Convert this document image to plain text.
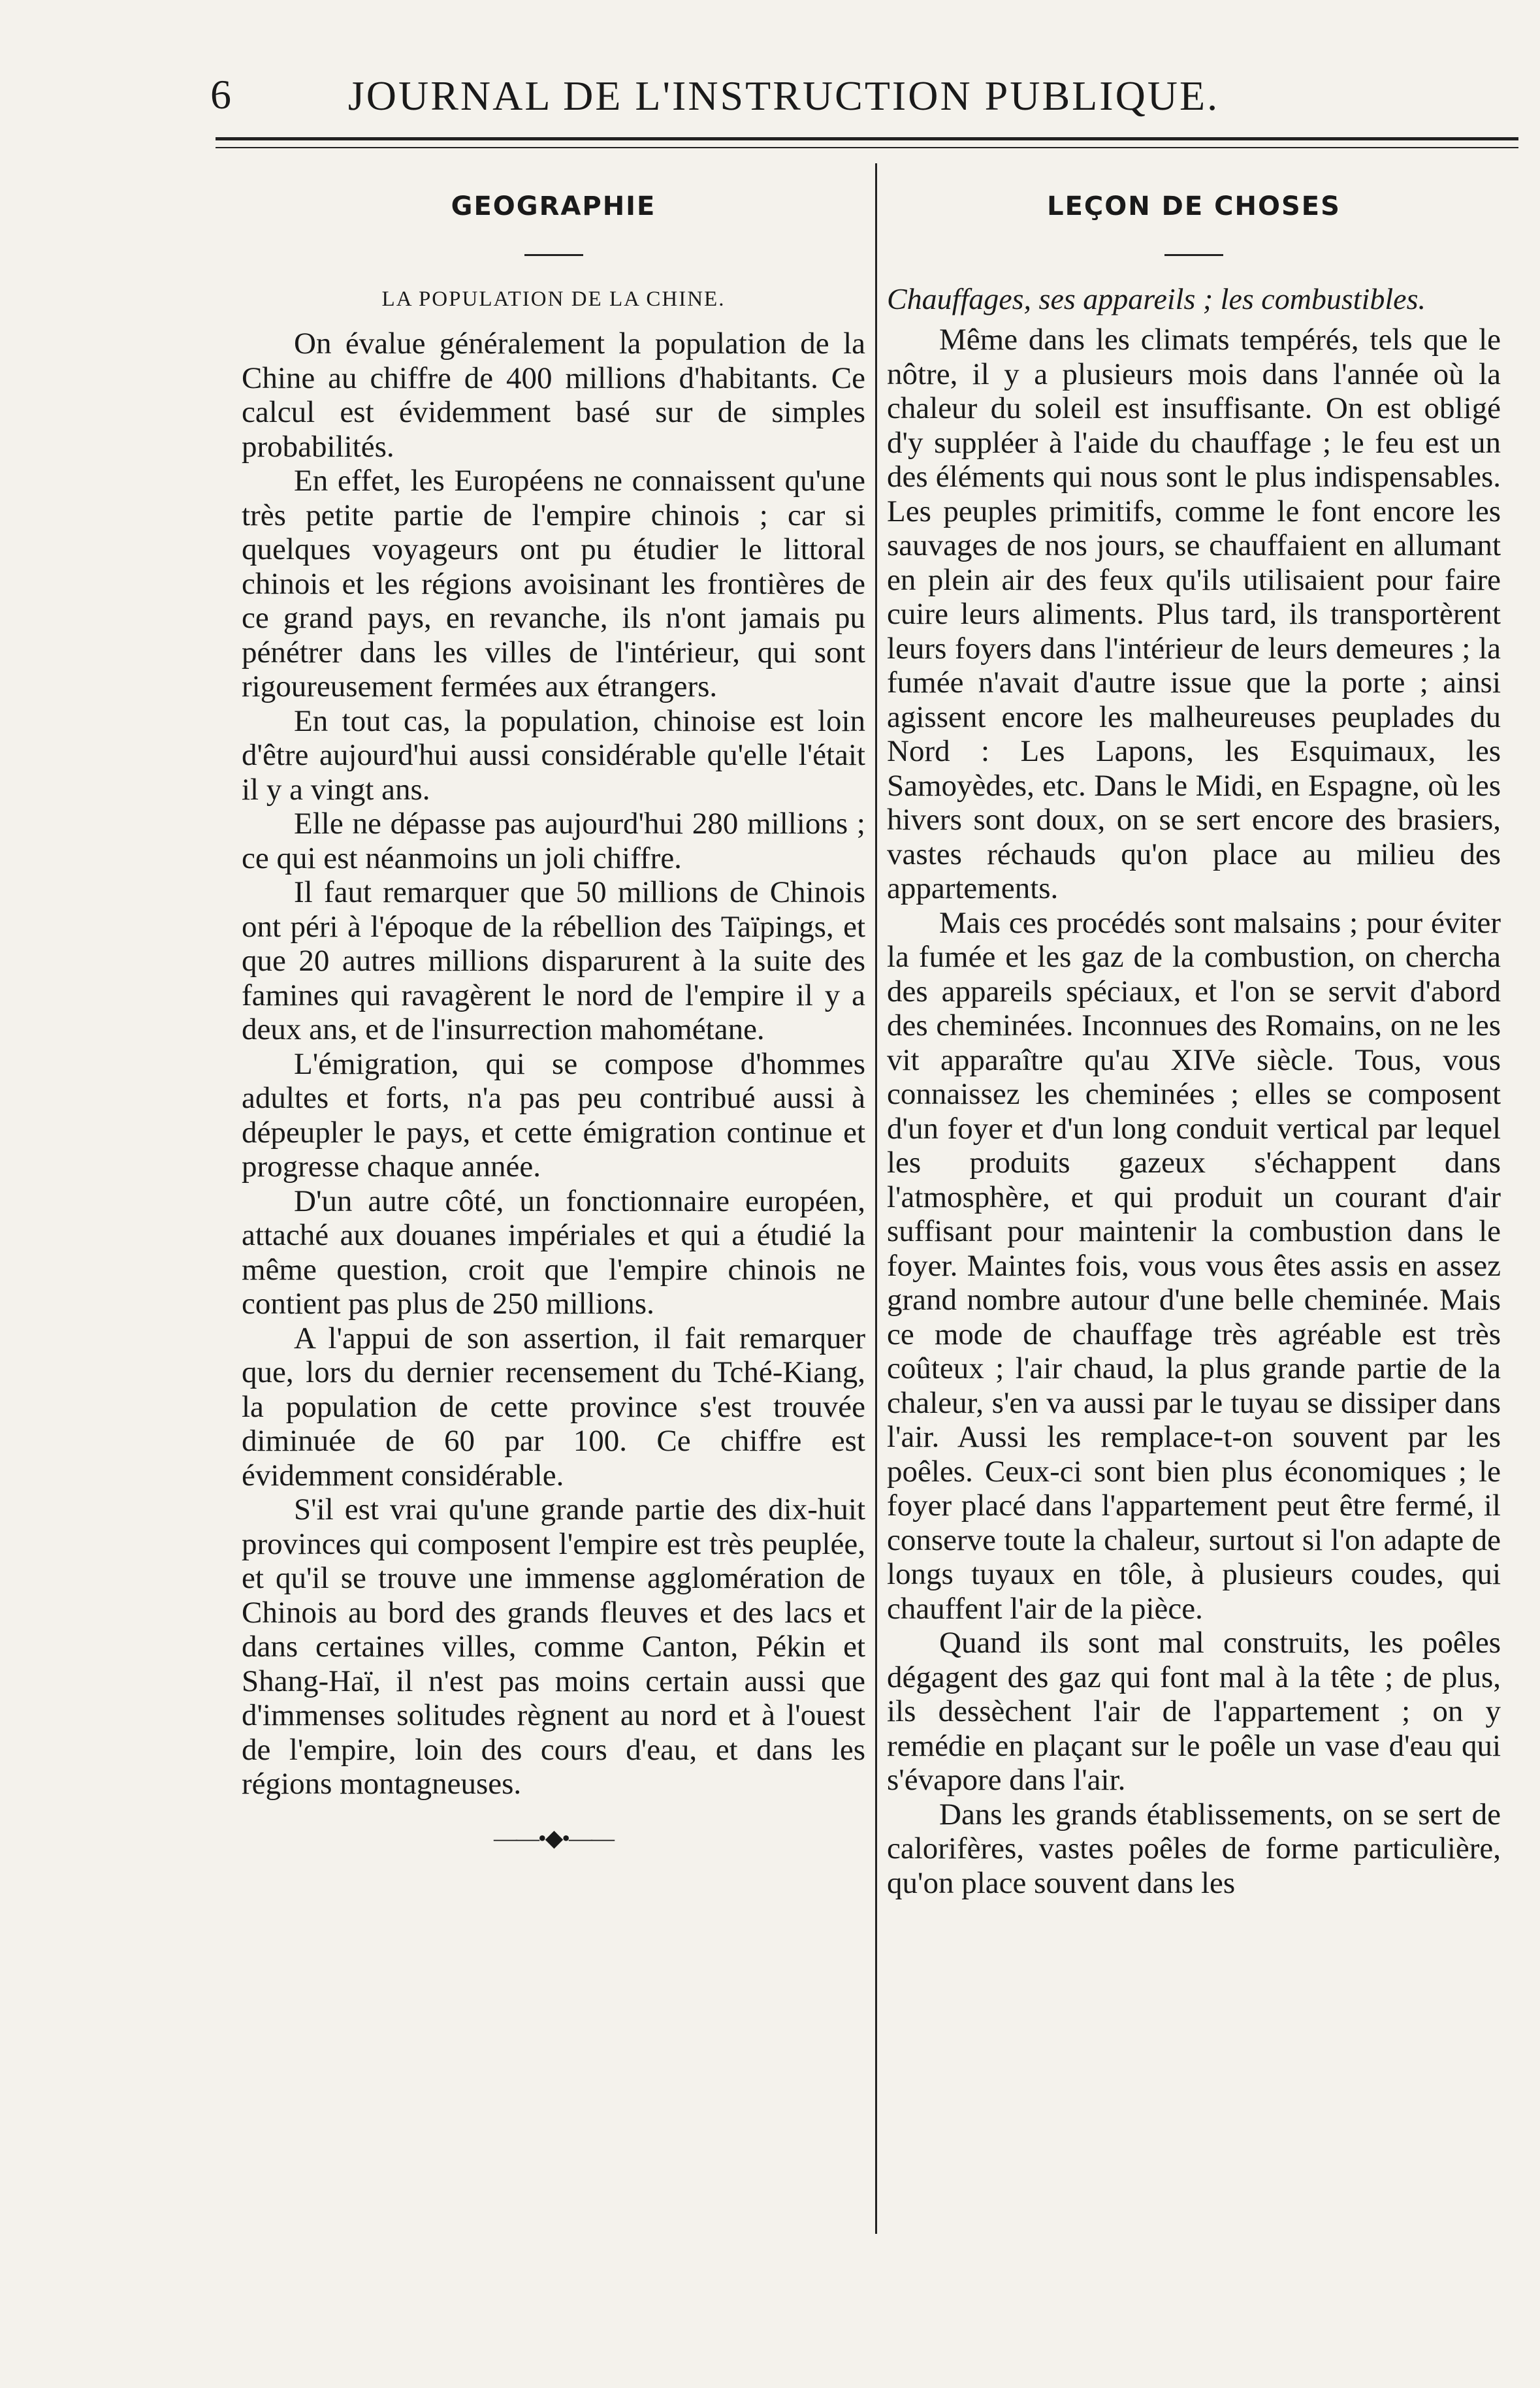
6	JOURNAL DE L'INSTRUCTION PUBLIQUE.
GEOGRAPHIE
LA POPULATION DE LA CHINE.

On évalue généralement la population de la Chine au chiffre de 400 millions d'habitants. Ce calcul est évidemment basé sur de simples probabilités.

En effet, les Européens ne connaissent qu'une très petite partie de l'empire chinois ; car si quelques voyageurs ont pu étudier le littoral chinois et les régions avoisinant les frontières de ce grand pays, en revanche, ils n'ont jamais pu pénétrer dans les villes de l'intérieur, qui sont rigoureusement fermées aux étrangers.

En tout cas, la population, chinoise est loin d'être aujourd'hui aussi considérable qu'elle l'était il y a vingt ans.

Elle ne dépasse pas aujourd'hui 280 millions ; ce qui est néanmoins un joli chiffre.

Il faut remarquer que 50 millions de Chinois ont péri à l'époque de la rébellion des Taïpings, et que 20 autres millions disparurent à la suite des famines qui ravagèrent le nord de l'empire il y a deux ans, et de l'insurrection mahométane.

L'émigration, qui se compose d'hommes adultes et forts, n'a pas peu contribué aussi à dépeupler le pays, et cette émigration continue et progresse chaque année.

D'un autre côté, un fonctionnaire européen, attaché aux douanes impériales et qui a étudié la même question, croit que l'empire chinois ne contient pas plus de 250 millions.

A l'appui de son assertion, il fait remarquer que, lors du dernier recensement du Tché-Kiang, la population de cette province s'est trouvée diminuée de 60 par 100. Ce chiffre est évidemment considérable.

S'il est vrai qu'une grande partie des dix-huit provinces qui composent l'empire est très peuplée, et qu'il se trouve une immense agglomération de Chinois au bord des grands fleuves et des lacs et dans certaines villes, comme Canton, Pékin et Shang-Haï, il n'est pas moins certain aussi que d'immenses solitudes règnent au nord et à l'ouest de l'empire, loin des cours d'eau, et dans les régions montagneuses.

——•◆•——
LEÇON DE CHOSES
Chauffages, ses appareils ; les combustibles.

Même dans les climats tempérés, tels que le nôtre, il y a plusieurs mois dans l'année où la chaleur du soleil est insuffisante. On est obligé d'y suppléer à l'aide du chauffage ; le feu est un des éléments qui nous sont le plus indispensables. Les peuples primitifs, comme le font encore les sauvages de nos jours, se chauffaient en allumant en plein air des feux qu'ils utilisaient pour faire cuire leurs aliments. Plus tard, ils transportèrent leurs foyers dans l'intérieur de leurs demeures ; la fumée n'avait d'autre issue que la porte ; ainsi agissent encore les malheureuses peuplades du Nord : Les Lapons, les Esquimaux, les Samoyèdes, etc. Dans le Midi, en Espagne, où les hivers sont doux, on se sert encore des brasiers, vastes réchauds qu'on place au milieu des appartements.

Mais ces procédés sont malsains ; pour éviter la fumée et les gaz de la combustion, on chercha des appareils spéciaux, et l'on se servit d'abord des cheminées. Inconnues des Romains, on ne les vit apparaître qu'au XIVe siècle. Tous, vous connaissez les cheminées ; elles se composent d'un foyer et d'un long conduit vertical par lequel les produits gazeux s'échappent dans l'atmosphère, et qui produit un courant d'air suffisant pour maintenir la combustion dans le foyer. Maintes fois, vous vous êtes assis en assez grand nombre autour d'une belle cheminée. Mais ce mode de chauffage très agréable est très coûteux ; l'air chaud, la plus grande partie de la chaleur, s'en va aussi par le tuyau se dissiper dans l'air. Aussi les remplace-t-on souvent par les poêles. Ceux-ci sont bien plus économiques ; le foyer placé dans l'appartement peut être fermé, il conserve toute la chaleur, surtout si l'on adapte de longs tuyaux en tôle, à plusieurs coudes, qui chauffent l'air de la pièce.

Quand ils sont mal construits, les poêles dégagent des gaz qui font mal à la tête ; de plus, ils dessèchent l'air de l'appartement ; on y remédie en plaçant sur le poêle un vase d'eau qui s'évapore dans l'air.

Dans les grands établissements, on se sert de calorifères, vastes poêles de forme particulière, qu'on place souvent dans les
